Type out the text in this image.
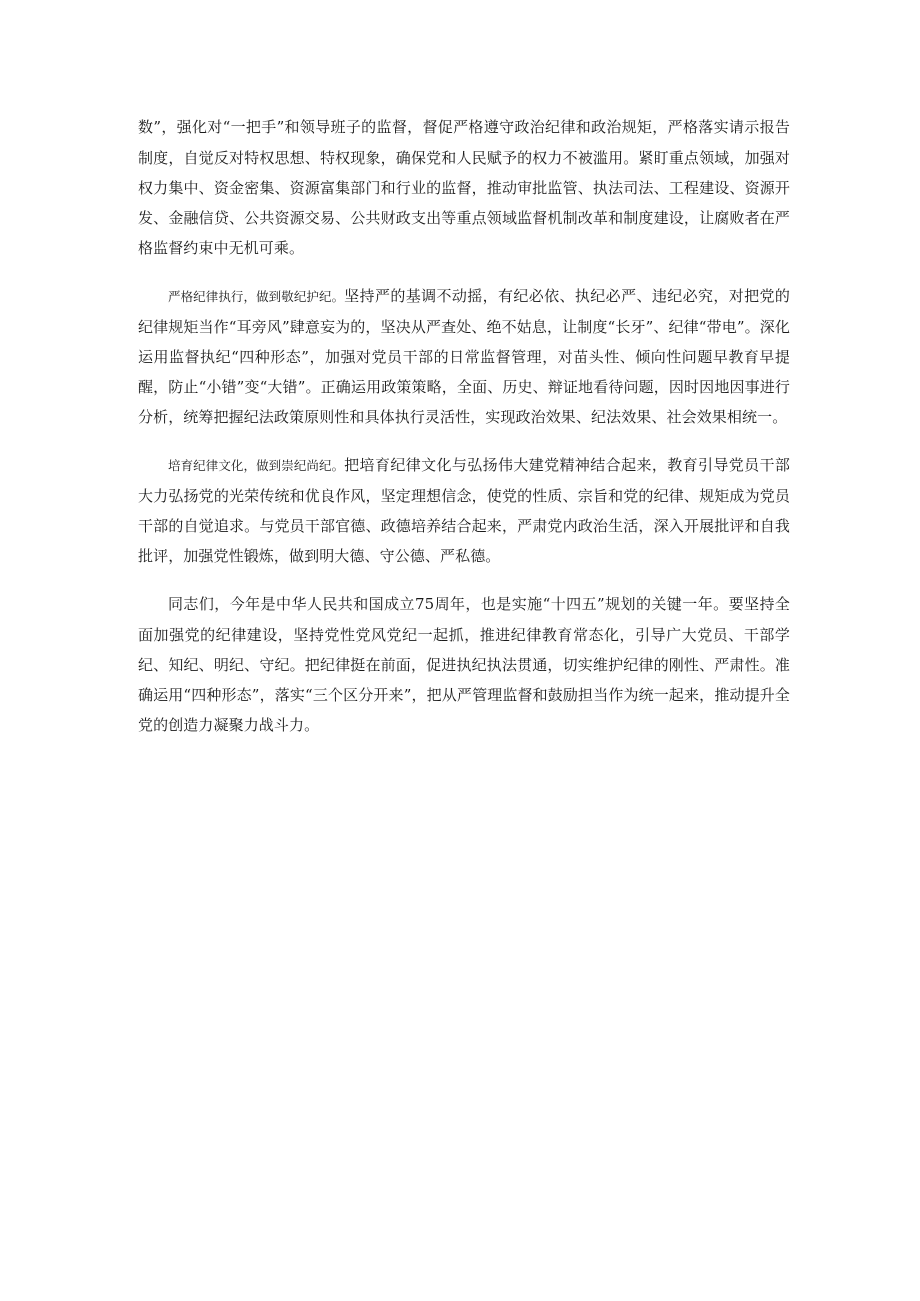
数”，强化对“一把手”和领导班子的监督，督促严格遵守政治纪律和政治规矩，严格落实请示报告制度，自觉反对特权思想、特权现象，确保党和人民赋予的权力不被滥用。紧盯重点领域，加强对权力集中、资金密集、资源富集部门和行业的监督，推动审批监管、执法司法、工程建设、资源开发、金融信贷、公共资源交易、公共财政支出等重点领域监督机制改革和制度建设，让腐败者在严格监督约束中无机可乘。

严格纪律执行，做到敬纪护纪。坚持严的基调不动摇，有纪必依、执纪必严、违纪必究，对把党的纪律规矩当作“耳旁风”肆意妄为的，坚决从严查处、绝不姑息，让制度“长牙”、纪律“带电”。深化运用监督执纪“四种形态”，加强对党员干部的日常监督管理，对苗头性、倾向性问题早教育早提醒，防止“小错”变“大错”。正确运用政策策略，全面、历史、辩证地看待问题，因时因地因事进行分析，统筹把握纪法政策原则性和具体执行灵活性，实现政治效果、纪法效果、社会效果相统一。

培育纪律文化，做到崇纪尚纪。把培育纪律文化与弘扬伟大建党精神结合起来，教育引导党员干部大力弘扬党的光荣传统和优良作风，坚定理想信念，使党的性质、宗旨和党的纪律、规矩成为党员干部的自觉追求。与党员干部官德、政德培养结合起来，严肃党内政治生活，深入开展批评和自我批评，加强党性锻炼，做到明大德、守公德、严私德。

同志们，今年是中华人民共和国成立75周年，也是实施“十四五”规划的关键一年。要坚持全面加强党的纪律建设，坚持党性党风党纪一起抓，推进纪律教育常态化，引导广大党员、干部学纪、知纪、明纪、守纪。把纪律挺在前面，促进执纪执法贯通，切实维护纪律的刚性、严肃性。准确运用“四种形态”，落实“三个区分开来”，把从严管理监督和鼓励担当作为统一起来，推动提升全党的创造力凝聚力战斗力。
